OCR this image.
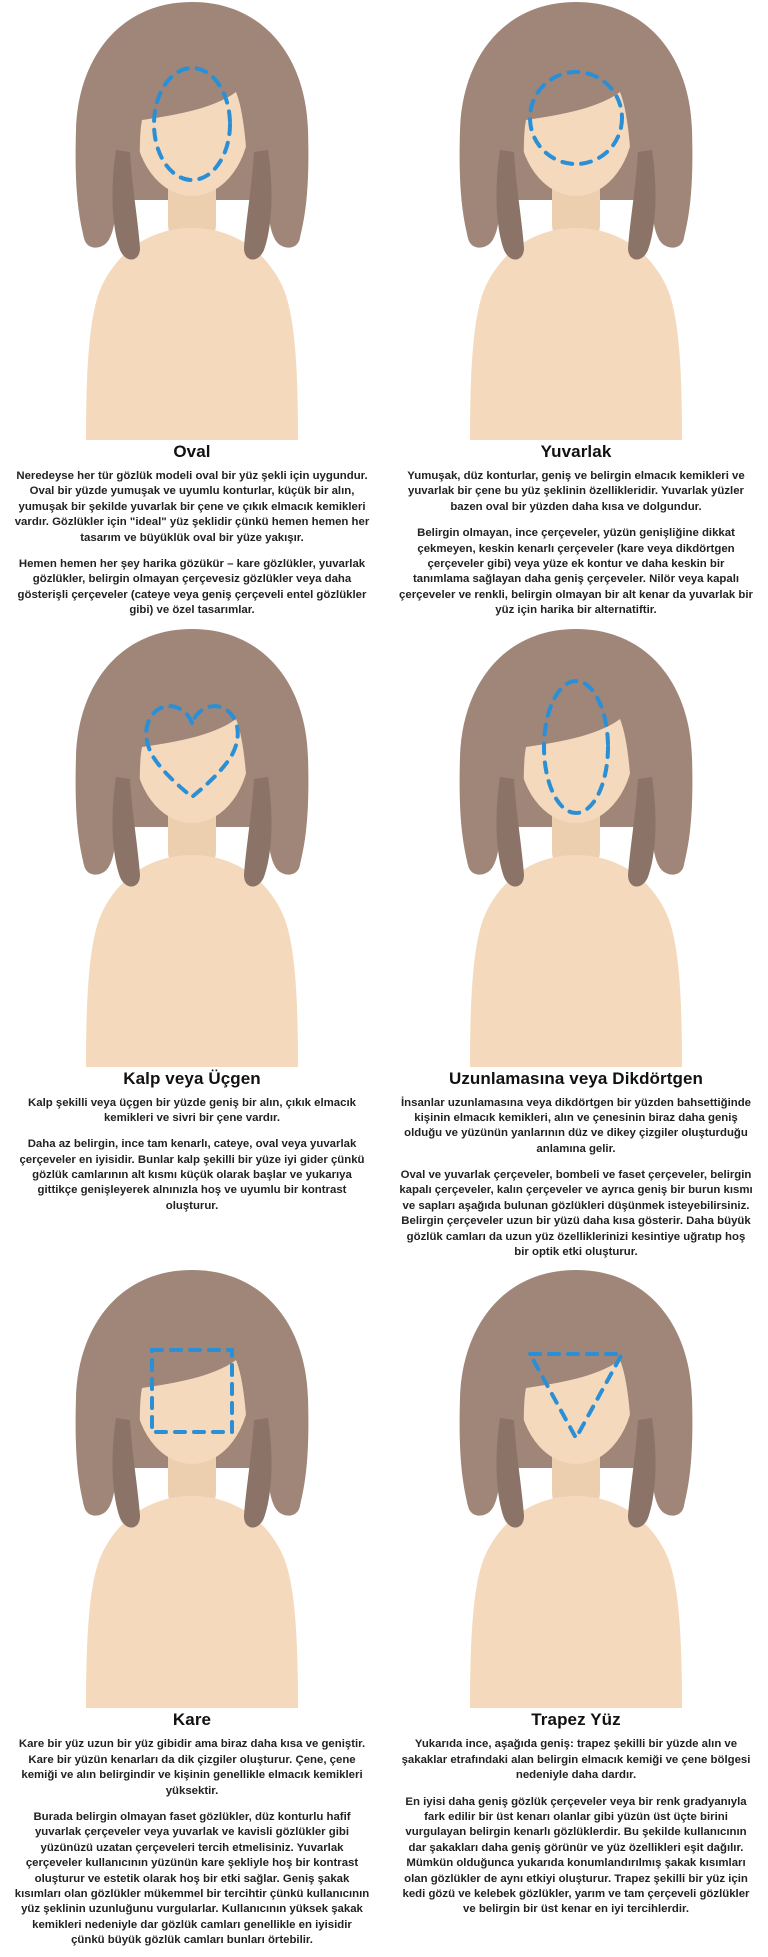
Oval

Neredeyse her tür gözlük modeli oval bir yüz şekli için uygundur. Oval bir yüzde yumuşak ve uyumlu konturlar, küçük bir alın, yumuşak bir şekilde yuvarlak bir çene ve çıkık elmacık kemikleri vardır. Gözlükler için "ideal" yüz şeklidir çünkü hemen hemen her tasarım ve büyüklük oval bir yüze yakışır.

Hemen hemen her şey harika gözükür – kare gözlükler, yuvarlak gözlükler, belirgin olmayan çerçevesiz gözlükler veya daha gösterişli çerçeveler (cateye veya geniş çerçeveli entel gözlükler gibi) ve özel tasarımlar.

Yuvarlak

Yumuşak, düz konturlar, geniş ve belirgin elmacık kemikleri ve yuvarlak bir çene bu yüz şeklinin özellikleridir. Yuvarlak yüzler bazen oval bir yüzden daha kısa ve dolgundur.

Belirgin olmayan, ince çerçeveler, yüzün genişliğine dikkat çekmeyen, keskin kenarlı çerçeveler (kare veya dikdörtgen çerçeveler gibi) veya yüze ek kontur ve daha keskin bir tanımlama sağlayan daha geniş çerçeveler. Nilör veya kapalı çerçeveler ve renkli, belirgin olmayan bir alt kenar da yuvarlak bir yüz için harika bir alternatiftir.

Kalp veya Üçgen

Kalp şekilli veya üçgen bir yüzde geniş bir alın, çıkık elmacık kemikleri ve sivri bir çene vardır.

Daha az belirgin, ince tam kenarlı, cateye, oval veya yuvarlak çerçeveler en iyisidir. Bunlar kalp şekilli bir yüze iyi gider çünkü gözlük camlarının alt kısmı küçük olarak başlar ve yukarıya gittikçe genişleyerek alnınızla hoş ve uyumlu bir kontrast oluşturur.

Uzunlamasına veya Dikdörtgen

İnsanlar uzunlamasına veya dikdörtgen bir yüzden bahsettiğinde kişinin elmacık kemikleri, alın ve çenesinin biraz daha geniş olduğu ve yüzünün yanlarının düz ve dikey çizgiler oluşturduğu anlamına gelir.

Oval ve yuvarlak çerçeveler, bombeli ve faset çerçeveler, belirgin kapalı çerçeveler, kalın çerçeveler ve ayrıca geniş bir burun kısmı ve sapları aşağıda bulunan gözlükleri düşünmek isteyebilirsiniz. Belirgin çerçeveler uzun bir yüzü daha kısa gösterir. Daha büyük gözlük camları da uzun yüz özelliklerinizi kesintiye uğratıp hoş bir optik etki oluşturur.

Kare

Kare bir yüz uzun bir yüz gibidir ama biraz daha kısa ve geniştir. Kare bir yüzün kenarları da dik çizgiler oluşturur. Çene, çene kemiği ve alın belirgindir ve kişinin genellikle elmacık kemikleri yüksektir.

Burada belirgin olmayan faset gözlükler, düz konturlu hafif yuvarlak çerçeveler veya yuvarlak ve kavisli gözlükler gibi yüzünüzü uzatan çerçeveleri tercih etmelisiniz. Yuvarlak çerçeveler kullanıcının yüzünün kare şekliyle hoş bir kontrast oluşturur ve estetik olarak hoş bir etki sağlar. Geniş şakak kısımları olan gözlükler mükemmel bir tercihtir çünkü kullanıcının yüz şeklinin uzunluğunu vurgularlar. Kullanıcının yüksek şakak kemikleri nedeniyle dar gözlük camları genellikle en iyisidir çünkü büyük gözlük camları bunları örtebilir.

Trapez Yüz

Yukarıda ince, aşağıda geniş: trapez şekilli bir yüzde alın ve şakaklar etrafındaki alan belirgin elmacık kemiği ve çene bölgesi nedeniyle daha dardır.

En iyisi daha geniş gözlük çerçeveler veya bir renk gradyanıyla fark edilir bir üst kenarı olanlar gibi yüzün üst üçte birini vurgulayan belirgin kenarlı gözlüklerdir. Bu şekilde kullanıcının dar şakakları daha geniş görünür ve yüz özellikleri eşit dağılır. Mümkün olduğunca yukarıda konumlandırılmış şakak kısımları olan gözlükler de aynı etkiyi oluşturur. Trapez şekilli bir yüz için kedi gözü ve kelebek gözlükler, yarım ve tam çerçeveli gözlükler ve belirgin bir üst kenar en iyi tercihlerdir.
